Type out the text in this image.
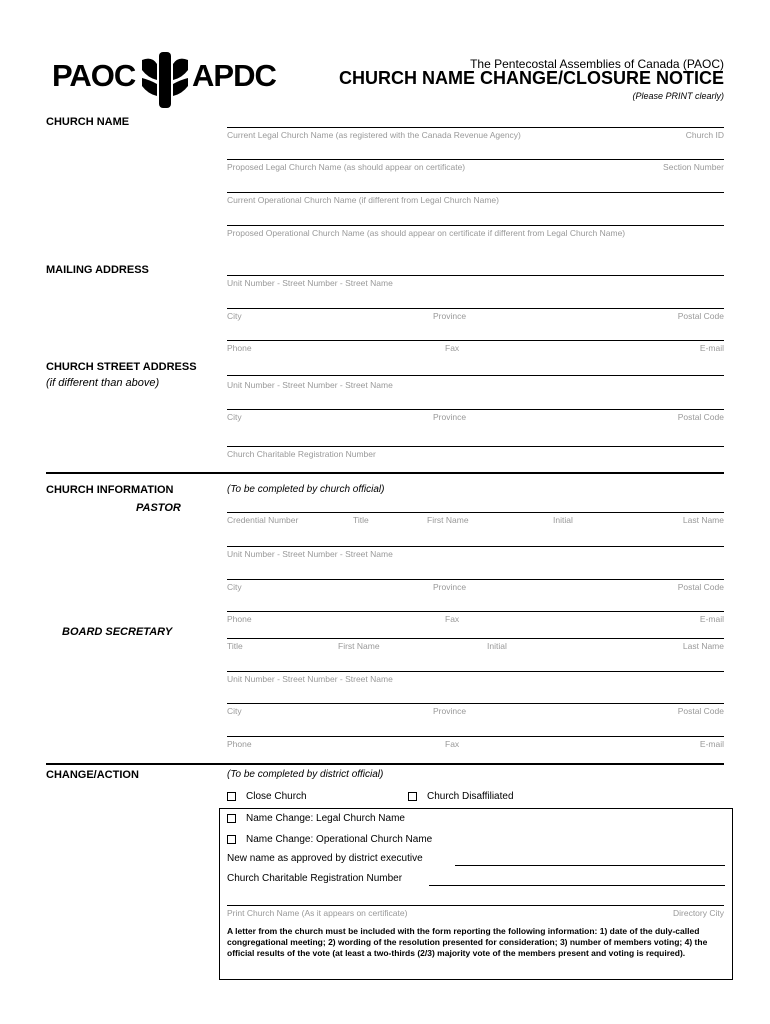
PAOC APDC	The Pentecostal Assemblies of Canada (PAOC)
CHURCH NAME CHANGE/CLOSURE NOTICE
(Please PRINT clearly)
CHURCH NAME
Current Legal Church Name (as registered with the Canada Revenue Agency)	Church ID
Proposed Legal Church Name (as should appear on certificate)	Section Number
Current Operational Church Name (if different from Legal Church Name)
Proposed Operational Church Name (as should appear on certificate if different from Legal Church Name)
MAILING ADDRESS
Unit Number - Street Number - Street Name
City	Province	Postal Code
Phone	Fax	E-mail
CHURCH STREET ADDRESS
(if different than above)	Unit Number - Street Number - Street Name
City	Province	Postal Code
Church Charitable Registration Number
CHURCH INFORMATION	(To be completed by church official)
PASTOR
Credential Number	Title	First Name	Initial	Last Name
Unit Number - Street Number - Street Name
City	Province	Postal Code
Phone	Fax	E-mail
BOARD SECRETARY
Title	First Name	Initial	Last Name
Unit Number - Street Number - Street Name
City	Province	Postal Code
Phone	Fax	E-mail
CHANGE/ACTION	(To be completed by district official)
Close Church	Church Disaffiliated
Name Change: Legal Church Name
Name Change: Operational Church Name
New name as approved by district executive
Church Charitable Registration Number
Print Church Name (As it appears on certificate)	Directory City
A letter from the church must be included with the form reporting the following information: 1) date of the duly-called congregational meeting; 2) wording of the resolution presented for consideration; 3) number of members voting; 4) the official results of the vote (at least a two-thirds (2/3) majority vote of the members present and voting is required).
